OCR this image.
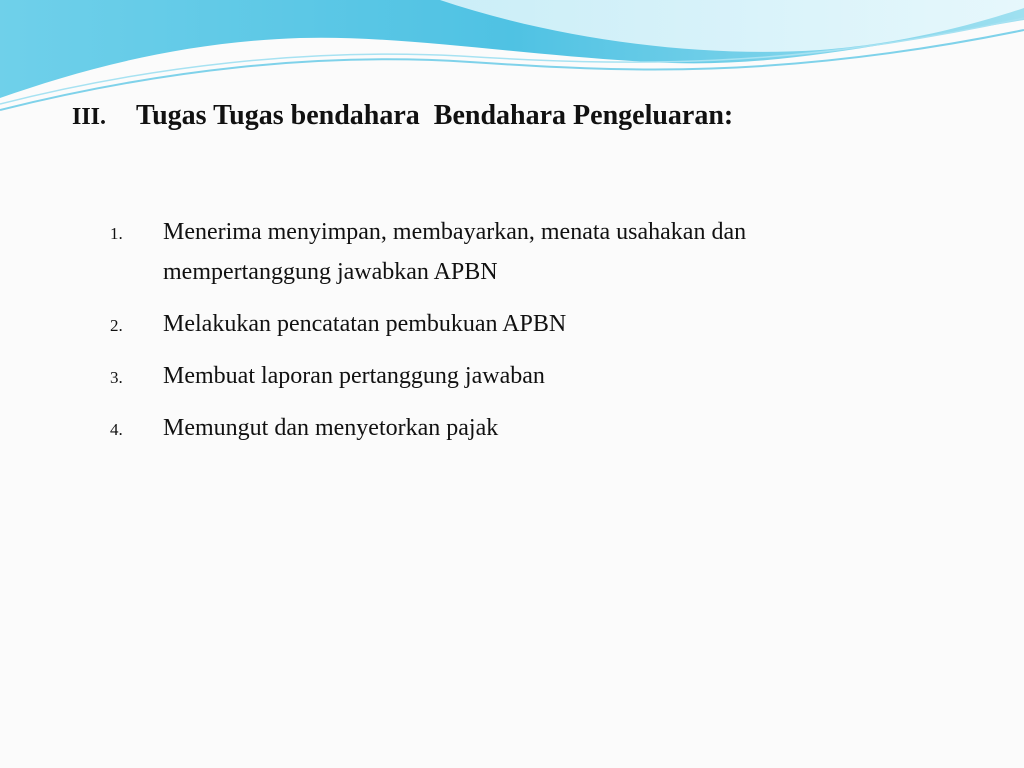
III.	Tugas Tugas bendahara  Bendahara Pengeluaran:
1.	Menerima menyimpan, membayarkan, menata usahakan dan mempertanggung jawabkan APBN
2.	Melakukan pencatatan pembukuan APBN
3.	Membuat laporan pertanggung jawaban
4.	Memungut dan menyetorkan pajak
